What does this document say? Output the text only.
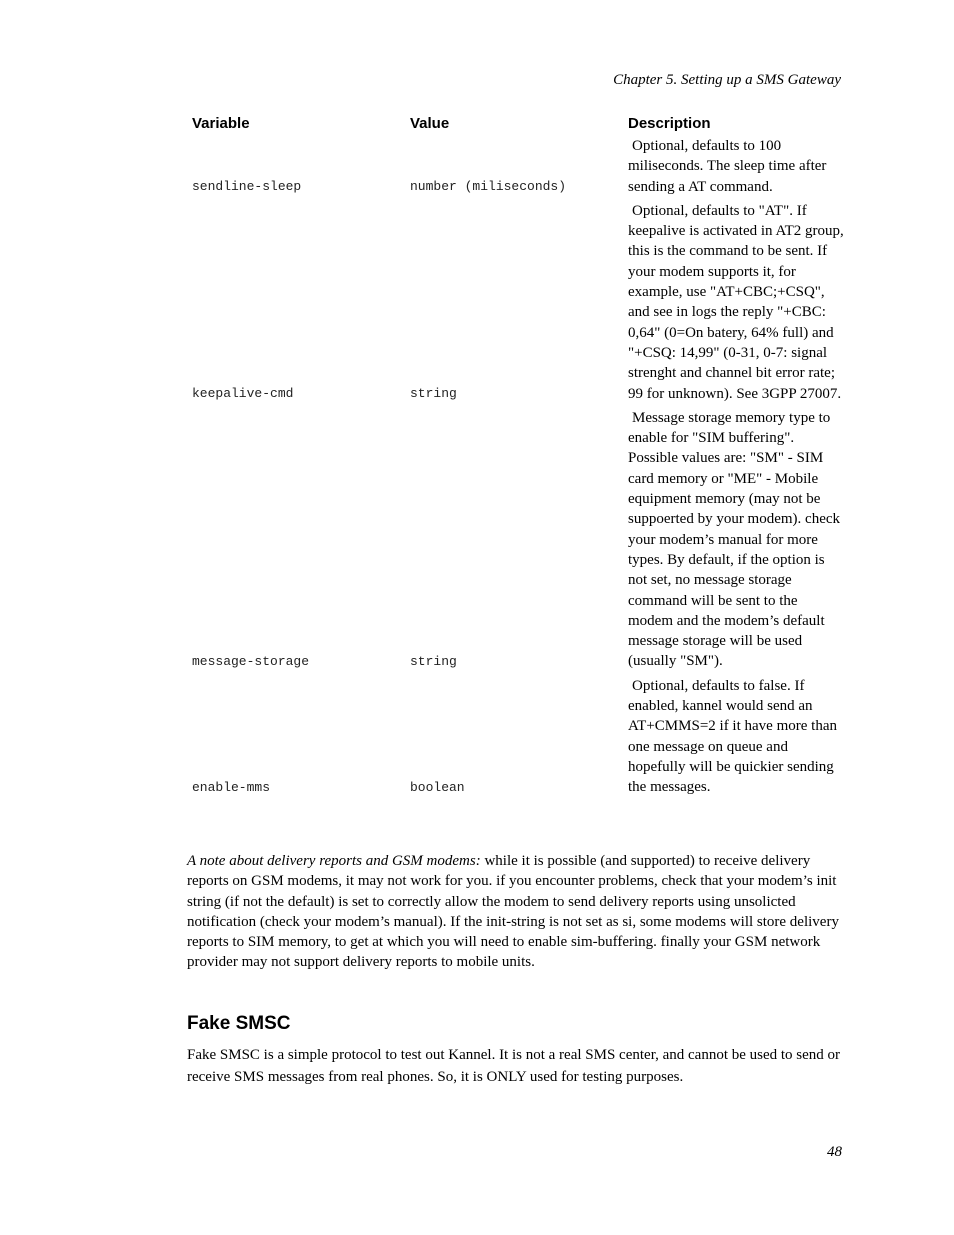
Chapter 5. Setting up a SMS Gateway
Variable	Value	Description
sendline-sleep	number (miliseconds)	Optional, defaults to 100 miliseconds. The sleep time after sending a AT command.
keepalive-cmd	string	Optional, defaults to "AT". If keepalive is activated in AT2 group, this is the command to be sent. If your modem supports it, for example, use "AT+CBC;+CSQ", and see in logs the reply "+CBC: 0,64" (0=On batery, 64% full) and "+CSQ: 14,99" (0-31, 0-7: signal strenght and channel bit error rate; 99 for unknown). See 3GPP 27007.
message-storage	string	Message storage memory type to enable for "SIM buffering". Possible values are: "SM" - SIM card memory or "ME" - Mobile equipment memory (may not be suppoerted by your modem). check your modem’s manual for more types. By default, if the option is not set, no message storage command will be sent to the modem and the modem’s default message storage will be used (usually "SM").
enable-mms	boolean	Optional, defaults to false. If enabled, kannel would send an AT+CMMS=2 if it have more than one message on queue and hopefully will be quickier sending the messages.

A note about delivery reports and GSM modems: while it is possible (and supported) to receive delivery reports on GSM modems, it may not work for you. if you encounter problems, check that your modem’s init string (if not the default) is set to correctly allow the modem to send delivery reports using unsolicted notification (check your modem’s manual). If the init-string is not set as si, some modems will store delivery reports to SIM memory, to get at which you will need to enable sim-buffering. finally your GSM network provider may not support delivery reports to mobile units.

Fake SMSC

Fake SMSC is a simple protocol to test out Kannel. It is not a real SMS center, and cannot be used to send or receive SMS messages from real phones. So, it is ONLY used for testing purposes.

48
